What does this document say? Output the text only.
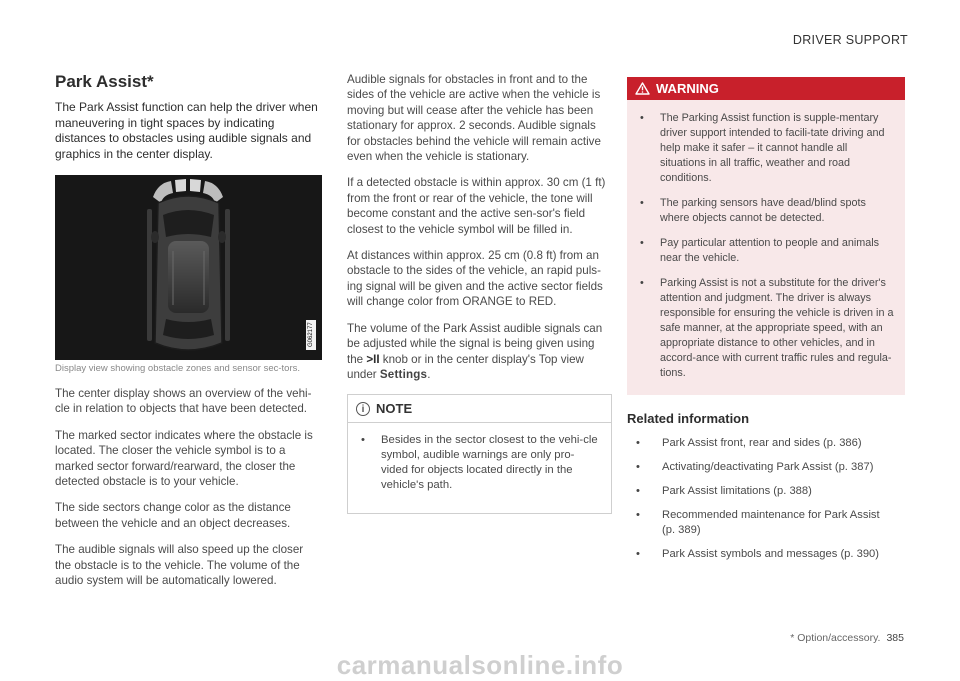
DRIVER SUPPORT
Park Assist*

The Park Assist function can help the driver when maneuvering in tight spaces by indicating distances to obstacles using audible signals and graphics in the center display.

G062177
Display view showing obstacle zones and sensor sec-tors.

The center display shows an overview of the vehi-cle in relation to objects that have been detected.

The marked sector indicates where the obstacle is located. The closer the vehicle symbol is to a marked sector forward/rearward, the closer the detected obstacle is to your vehicle.

The side sectors change color as the distance between the vehicle and an object decreases.

The audible signals will also speed up the closer the obstacle is to the vehicle. The volume of the audio system will be automatically lowered.

Audible signals for obstacles in front and to the sides of the vehicle are active when the vehicle is moving but will cease after the vehicle has been stationary for approx. 2 seconds. Audible signals for obstacles behind the vehicle will remain active even when the vehicle is stationary.

If a detected obstacle is within approx. 30 cm (1 ft) from the front or rear of the vehicle, the tone will become constant and the active sen-sor's field closest to the vehicle symbol will be filled in.

At distances within approx. 25 cm (0.8 ft) from an obstacle to the sides of the vehicle, an rapid puls-ing signal will be given and the active sector fields will change color from ORANGE to RED.

The volume of the Park Assist audible signals can be adjusted while the signal is being given using the >II knob or in the center display's Top view under Settings.

i NOTE
• Besides in the sector closest to the vehi-cle symbol, audible warnings are only pro-vided for objects located directly in the vehicle's path.
WARNING
• The Parking Assist function is supple-mentary driver support intended to facili-tate driving and help make it safer – it cannot handle all situations in all traffic, weather and road conditions.
• The parking sensors have dead/blind spots where objects cannot be detected.
• Pay particular attention to people and animals near the vehicle.
• Parking Assist is not a substitute for the driver's attention and judgment. The driver is always responsible for ensuring the vehicle is driven in a safe manner, at the appropriate speed, with an appropriate distance to other vehicles, and in accord-ance with current traffic rules and regula-tions.
Related information
• Park Assist front, rear and sides (p. 386)
• Activating/deactivating Park Assist (p. 387)
• Park Assist limitations (p. 388)
• Recommended maintenance for Park Assist (p. 389)
• Park Assist symbols and messages (p. 390)
* Option/accessory. 385
carmanualsonline.info
